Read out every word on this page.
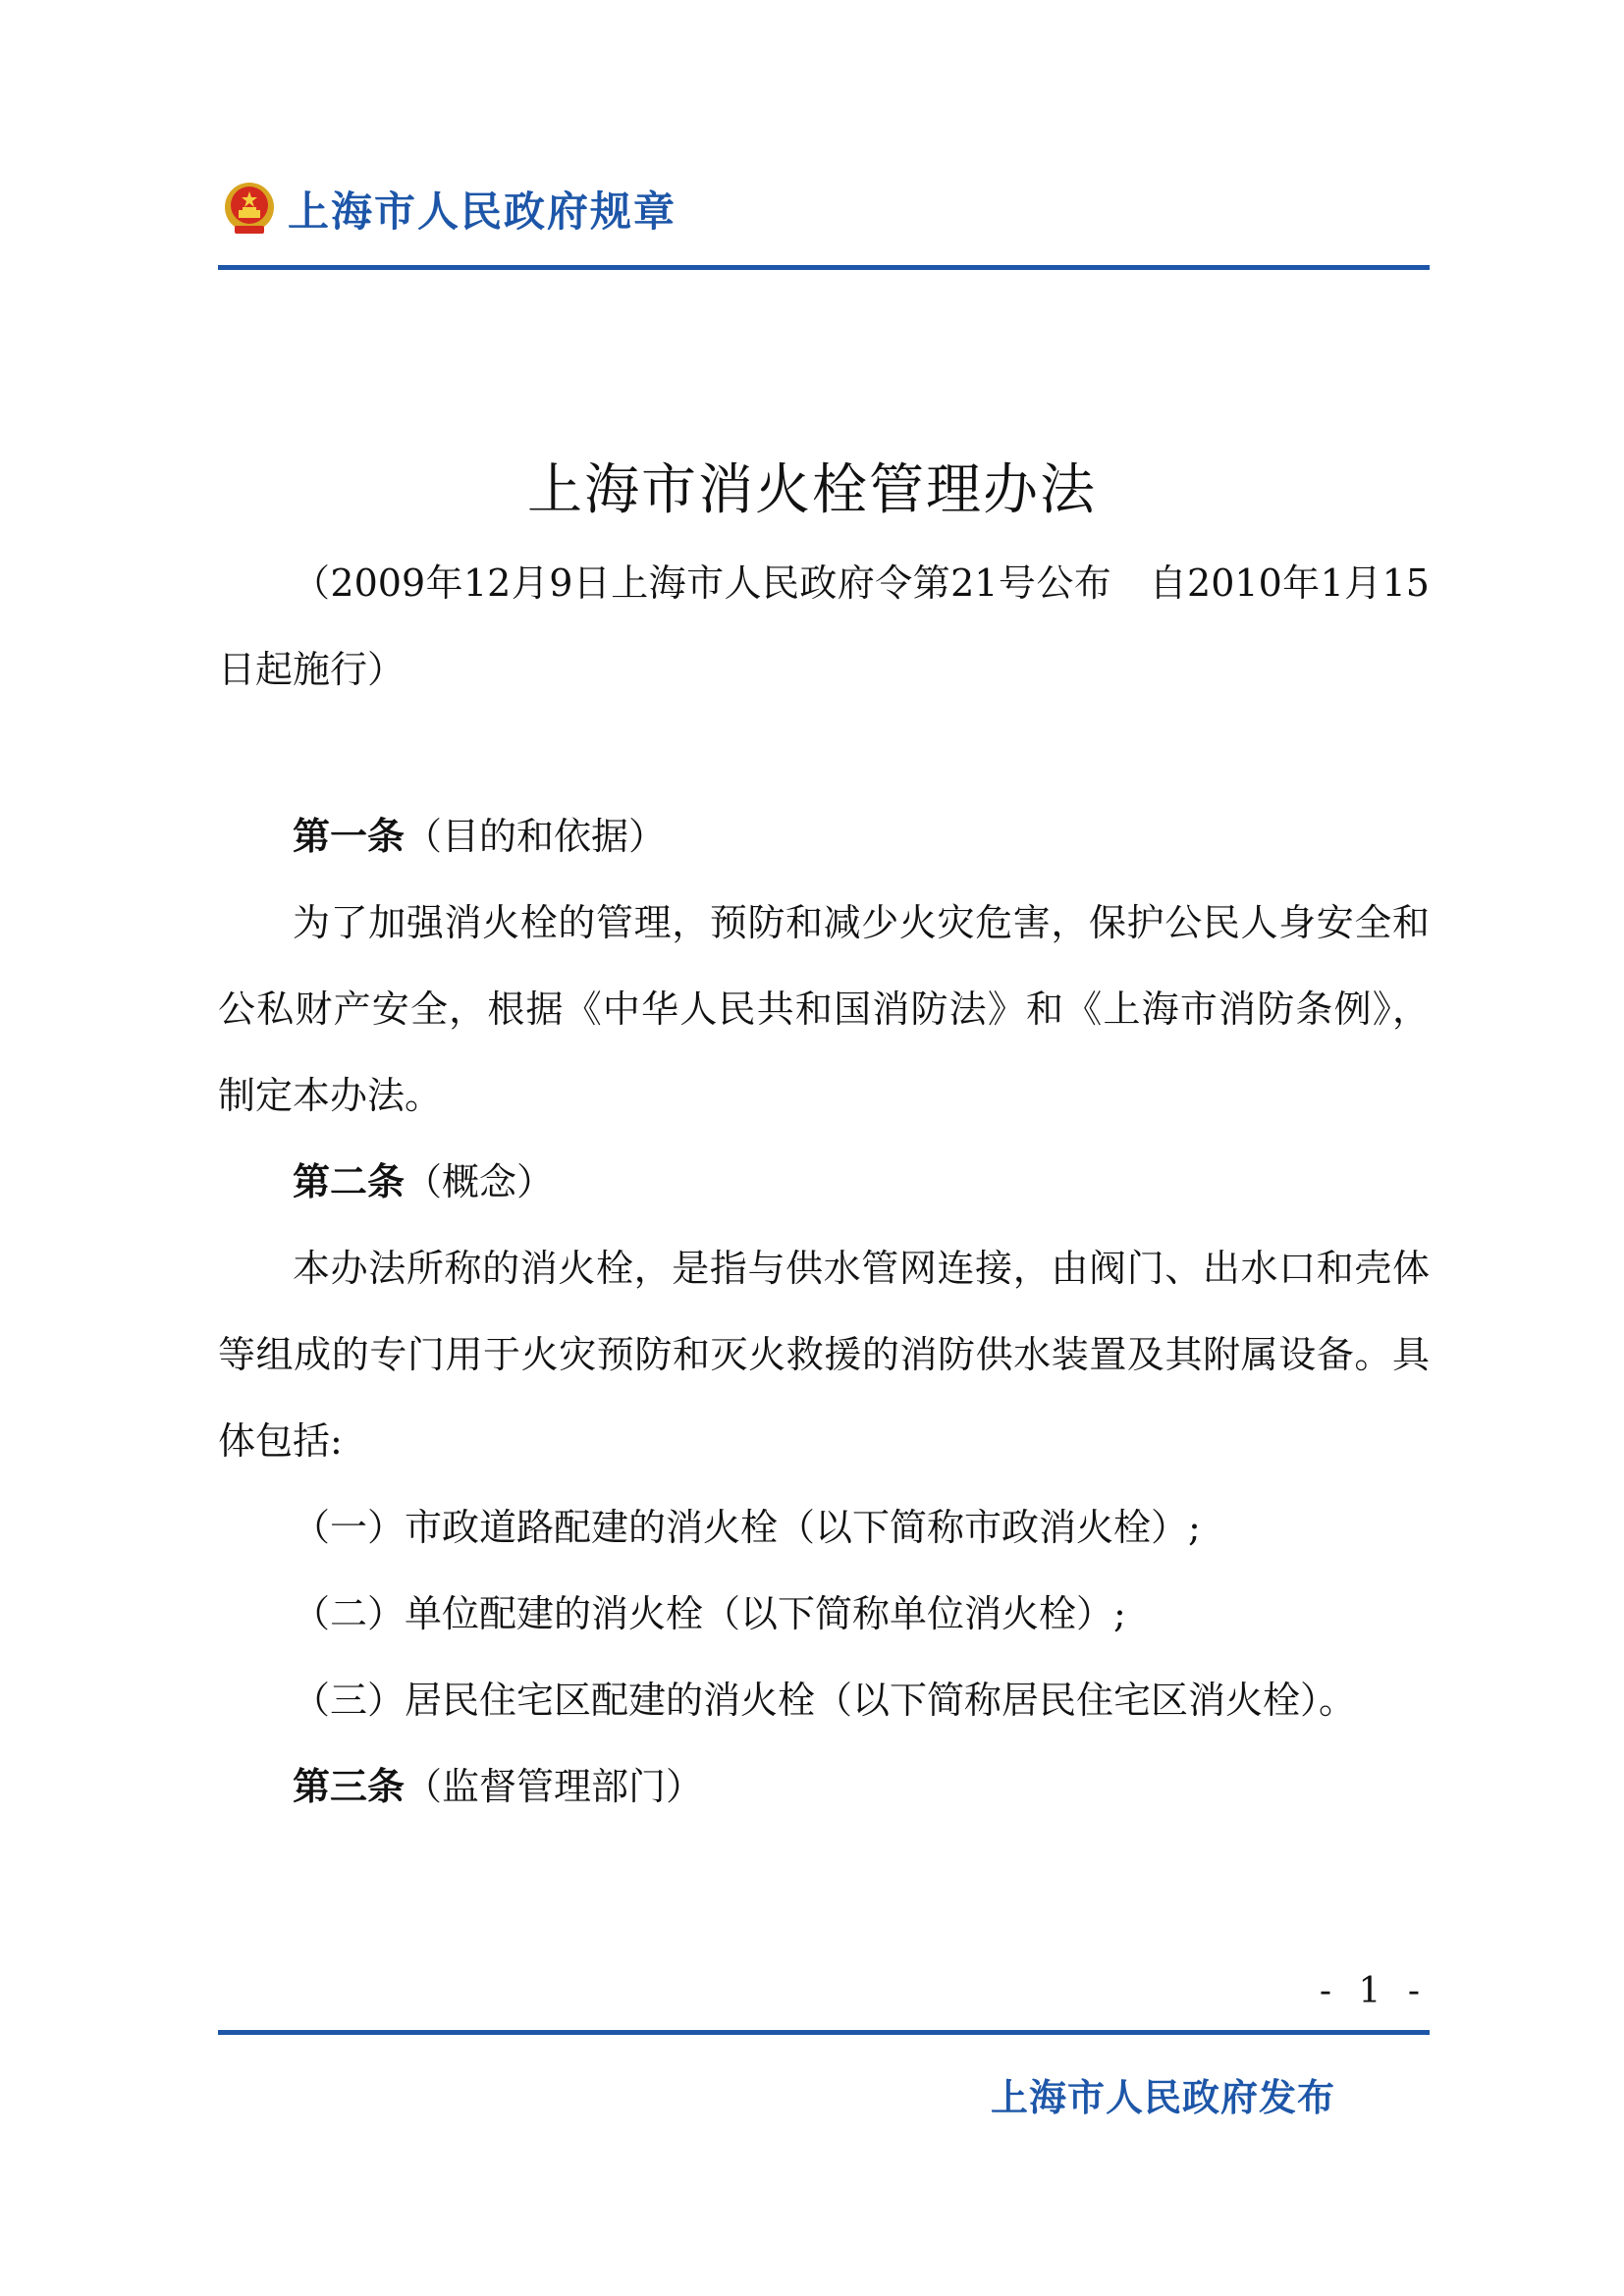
上海市人民政府规章
上海市消火栓管理办法

（2009年12月9日上海市人民政府令第21号公布　自2010年1月15日起施行）

第一条（目的和依据）

为了加强消火栓的管理，预防和减少火灾危害，保护公民人身安全和公私财产安全，根据《中华人民共和国消防法》和《上海市消防条例》，制定本办法。

第二条（概念）

本办法所称的消火栓，是指与供水管网连接，由阀门、出水口和壳体等组成的专门用于火灾预防和灭火救援的消防供水装置及其附属设备。具体包括:

（一）市政道路配建的消火栓（以下简称市政消火栓）;

（二）单位配建的消火栓（以下简称单位消火栓）;

（三）居民住宅区配建的消火栓（以下简称居民住宅区消火栓）。

第三条（监督管理部门）

- 1 -
上海市人民政府发布
